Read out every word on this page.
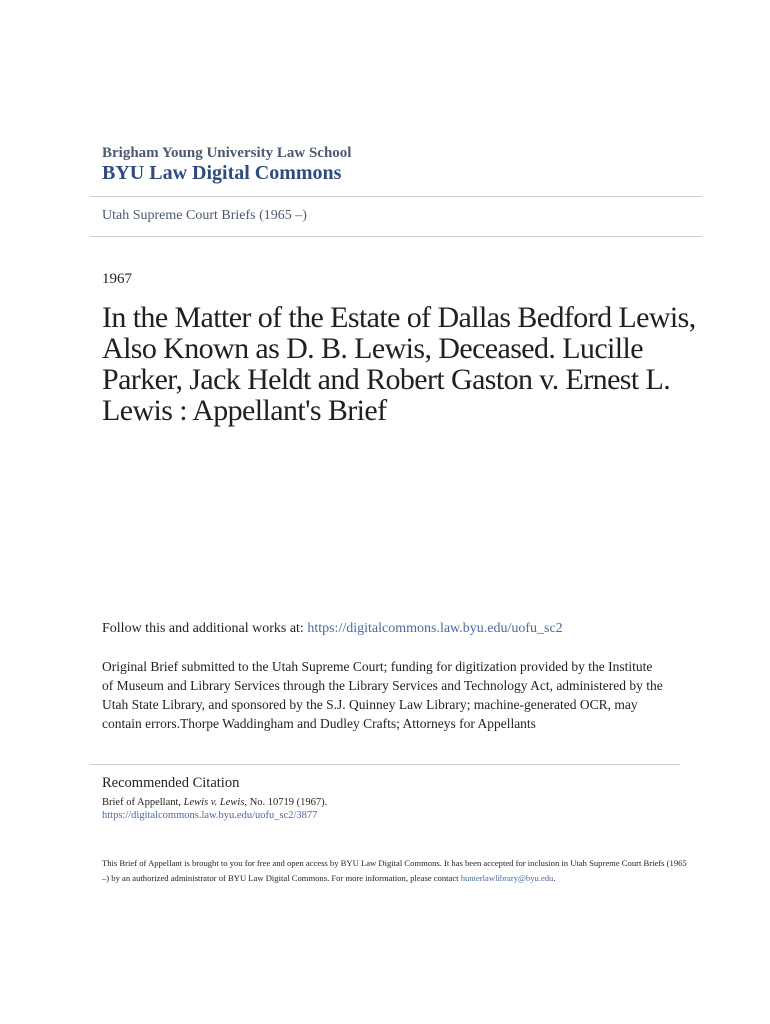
Brigham Young University Law School
BYU Law Digital Commons
Utah Supreme Court Briefs (1965 –)
1967
In the Matter of the Estate of Dallas Bedford Lewis, Also Known as D. B. Lewis, Deceased. Lucille Parker, Jack Heldt and Robert Gaston v. Ernest L. Lewis : Appellant's Brief
Follow this and additional works at: https://digitalcommons.law.byu.edu/uofu_sc2
Original Brief submitted to the Utah Supreme Court; funding for digitization provided by the Institute of Museum and Library Services through the Library Services and Technology Act, administered by the Utah State Library, and sponsored by the S.J. Quinney Law Library; machine-generated OCR, may contain errors.Thorpe Waddingham and Dudley Crafts; Attorneys for Appellants
Recommended Citation
Brief of Appellant, Lewis v. Lewis, No. 10719 (1967).
https://digitalcommons.law.byu.edu/uofu_sc2/3877
This Brief of Appellant is brought to you for free and open access by BYU Law Digital Commons. It has been accepted for inclusion in Utah Supreme Court Briefs (1965 –) by an authorized administrator of BYU Law Digital Commons. For more information, please contact hunterlawlibrary@byu.edu.
